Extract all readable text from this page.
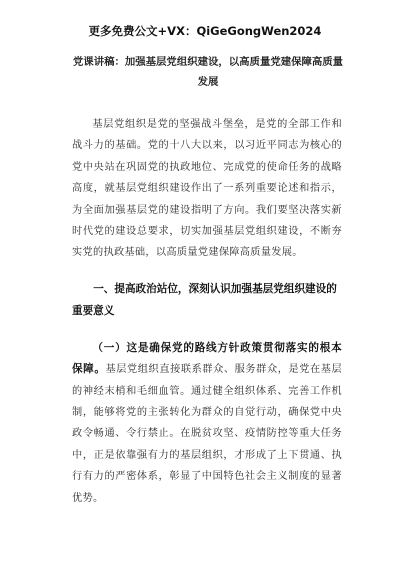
更多免费公文+VX：QiGeGongWen2024
党课讲稿：加强基层党组织建设，以高质量党建保障高质量发展

基层党组织是党的坚强战斗堡垒，是党的全部工作和战斗力的基础。党的十八大以来，以习近平同志为核心的党中央站在巩固党的执政地位、完成党的使命任务的战略高度，就基层党组织建设作出了一系列重要论述和指示，为全面加强基层党的建设指明了方向。我们要坚决落实新时代党的建设总要求，切实加强基层党组织建设，不断夯实党的执政基础，以高质量党建保障高质量发展。

一、提高政治站位，深刻认识加强基层党组织建设的重要意义

（一）这是确保党的路线方针政策贯彻落实的根本保障。基层党组织直接联系群众、服务群众，是党在基层的神经末梢和毛细血管。通过健全组织体系、完善工作机制，能够将党的主张转化为群众的自觉行动，确保党中央政令畅通、令行禁止。在脱贫攻坚、疫情防控等重大任务中，正是依靠强有力的基层组织，才形成了上下贯通、执行有力的严密体系，彰显了中国特色社会主义制度的显著优势。
